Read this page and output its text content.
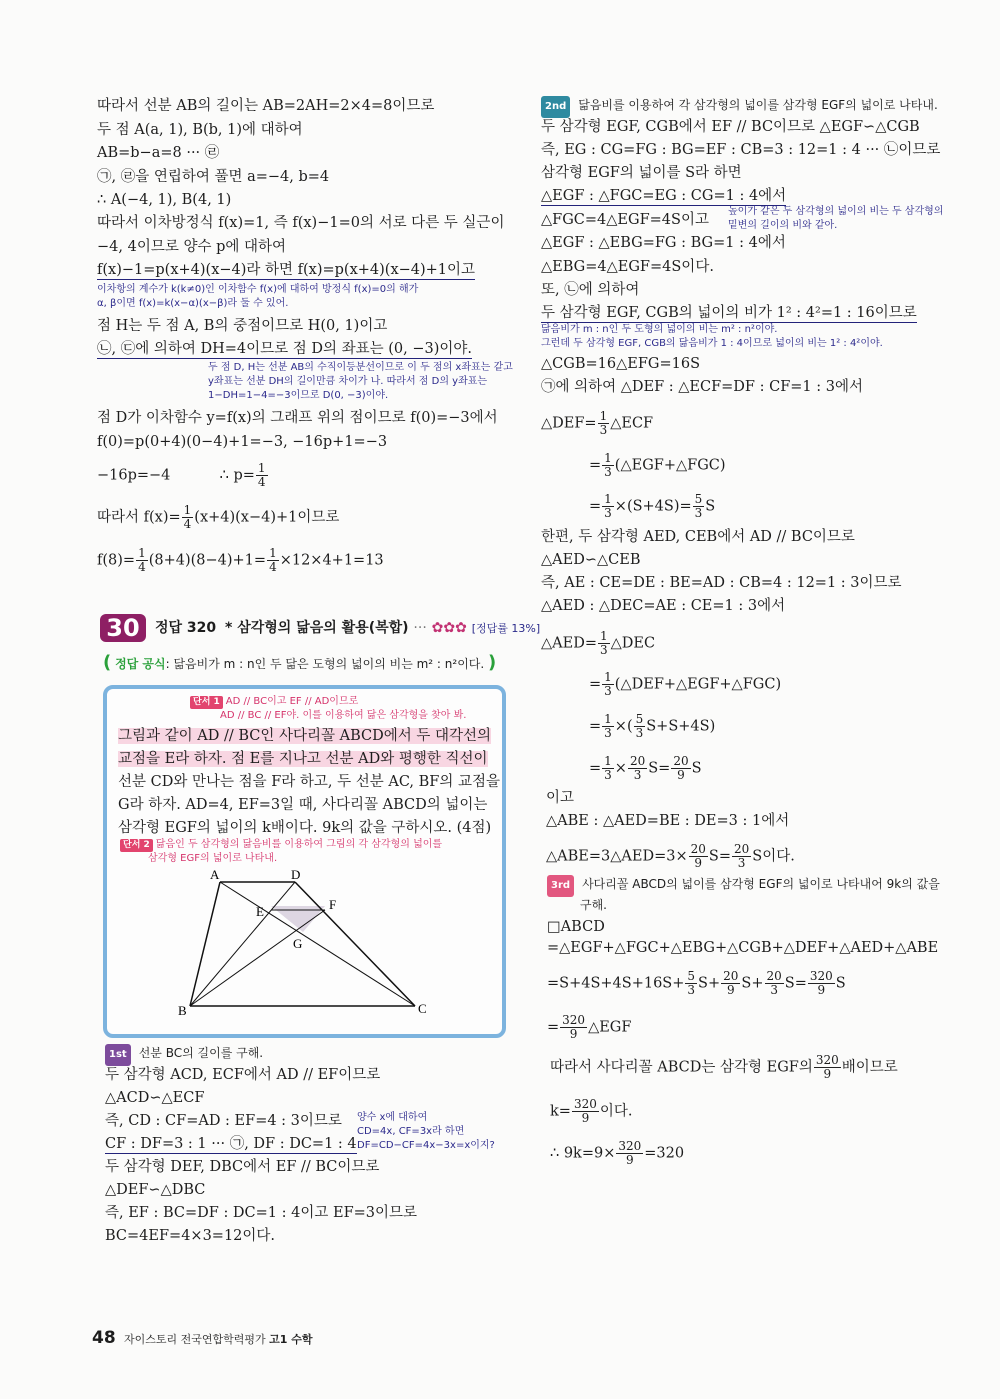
따라서 선분 AB의 길이는 AB=2AH=2×4=8이므로
두 점 A(a, 1), B(b, 1)에 대하여
AB=b−a=8 ··· ㉣
㉠, ㉣을 연립하여 풀면 a=−4, b=4
∴ A(−4, 1), B(4, 1)
따라서 이차방정식 f(x)=1, 즉 f(x)−1=0의 서로 다른 두 실근이
−4, 4이므로 양수 p에 대하여
f(x)−1=p(x+4)(x−4)라 하면 f(x)=p(x+4)(x−4)+1이고
이차항의 계수가 k(k≠0)인 이차함수 f(x)에 대하여 방정식 f(x)=0의 해가
α, β이면 f(x)=k(x−α)(x−β)라 둘 수 있어.
점 H는 두 점 A, B의 중점이므로 H(0, 1)이고
㉡, ㉢에 의하여 DH=4이므로 점 D의 좌표는 (0, −3)이야.
두 점 D, H는 선분 AB의 수직이등분선이므로 이 두 점의 x좌표는 같고
y좌표는 선분 DH의 길이만큼 차이가 나. 따라서 점 D의 y좌표는
1−DH=1−4=−3이므로 D(0, −3)이야.
점 D가 이차함수 y=f(x)의 그래프 위의 점이므로 f(0)=−3에서
f(0)=p(0+4)(0−4)+1=−3, −16p+1=−3
−16p=−4	∴ $p= \frac{1}{4}$
따라서 $f(x)= \frac{1}{4} (x+4)(x-4)+1$이므로
$f(8)= \frac{1}{4} (8+4)(8-4)+1= \frac{1}{4} \times 12\times 4+1=13$
30	정답 320 * 삼각형의 닮음의 활용(복합) ··· ✿✿✿ [정답률 13%]
( 정답 공식: 닮음비가 m : n인 두 닮은 도형의 넓이의 비는 m² : n²이다. )
단서 1 AD // BC이고 EF // AD이므로
AD // BC // EF야. 이를 이용하여 닮은 삼각형을 찾아 봐.
그림과 같이 AD // BC인 사다리꼴 ABCD에서 두 대각선의
교점을 E라 하자. 점 E를 지나고 선분 AD와 평행한 직선이
선분 CD와 만나는 점을 F라 하고, 두 선분 AC, BF의 교점을
G라 하자. AD=4, EF=3일 때, 사다리꼴 ABCD의 넓이는
삼각형 EGF의 넓이의 k배이다. 9k의 값을 구하시오. (4점)
단서 2 닮음인 두 삼각형의 닮음비를 이용하여 그림의 각 삼각형의 넓이를
삼각형 EGF의 넓이로 나타내.
A	D
E	F
G
B	C
1st 선분 BC의 길이를 구해.
두 삼각형 ACD, ECF에서 AD // EF이므로
△ACD∽△ECF
즉, CD : CF=AD : EF=4 : 3이므로
CF : DF=3 : 1 ··· ㉠, DF : DC=1 : 4
양수 x에 대하여
CD=4x, CF=3x라 하면
DF=CD−CF=4x−3x=x이지?
두 삼각형 DEF, DBC에서 EF // BC이므로
△DEF∽△DBC
즉, EF : BC=DF : DC=1 : 4이고 EF=3이므로
BC=4EF=4×3=12이다.
2nd 닮음비를 이용하여 각 삼각형의 넓이를 삼각형 EGF의 넓이로 나타내.
두 삼각형 EGF, CGB에서 EF // BC이므로 △EGF∽△CGB
즉, EG : CG=FG : BG=EF : CB=3 : 12=1 : 4 ··· ㉡이므로
삼각형 EGF의 넓이를 S라 하면
△EGF : △FGC=EG : CG=1 : 4에서
△FGC=4△EGF=4S이고
높이가 같은 두 삼각형의 넓이의 비는 두 삼각형의
밑변의 길이의 비와 같아.
△EGF : △EBG=FG : BG=1 : 4에서
△EBG=4△EGF=4S이다.
또, ㉡에 의하여
두 삼각형 EGF, CGB의 넓이의 비가 1² : 4²=1 : 16이므로
닮음비가 m : n인 두 도형의 넓이의 비는 m² : n²이야.
그런데 두 삼각형 EGF, CGB의 닮음비가 1 : 4이므로 넓이의 비는 1² : 4²이야.
△CGB=16△EFG=16S
㉠에 의하여 △DEF : △ECF=DF : CF=1 : 3에서
△DEF= $\frac{1}{3}$ △ECF
= $\frac{1}{3}$ (△EGF+△FGC)
= $\frac{1}{3} \times(S+4S)= \frac{5}{3}$ S
한편, 두 삼각형 AED, CEB에서 AD // BC이므로
△AED∽△CEB
즉, AE : CE=DE : BE=AD : CB=4 : 12=1 : 3이므로
△AED : △DEC=AE : CE=1 : 3에서
△AED= $\frac{1}{3}$ △DEC
= $\frac{1}{3}$ (△DEF+△EGF+△FGC)
= $\frac{1}{3}$ ×( $\frac{5}{3} S+S+4S$)
= $\frac{1}{3} \times \frac{20}{3} S= \frac{20}{9}$ S
이고
△ABE : △AED=BE : DE=3 : 1에서
△ABE=3△AED=3× $\frac{20}{9} S= \frac{20}{3}$ S이다.
3rd 사다리꼴 ABCD의 넓이를 삼각형 EGF의 넓이로 나타내어 9k의 값을
구해.
□ABCD
=△EGF+△FGC+△EBG+△CGB+△DEF+△AED+△ABE
$=S+4S+4S+16S+ \frac{5}{3} S+ \frac{20}{9} S+ \frac{20}{3} S= \frac{320}{9}$ S
= $\frac{320}{9}$ △EGF
따라서 사다리꼴 ABCD는 삼각형 EGF의 $\frac{320}{9}$ 배이므로
$k= \frac{320}{9}$ 이다.
∴ $9k=9\times \frac{320}{9} =320$
48 자이스토리 전국연합학력평가 고1 수학
